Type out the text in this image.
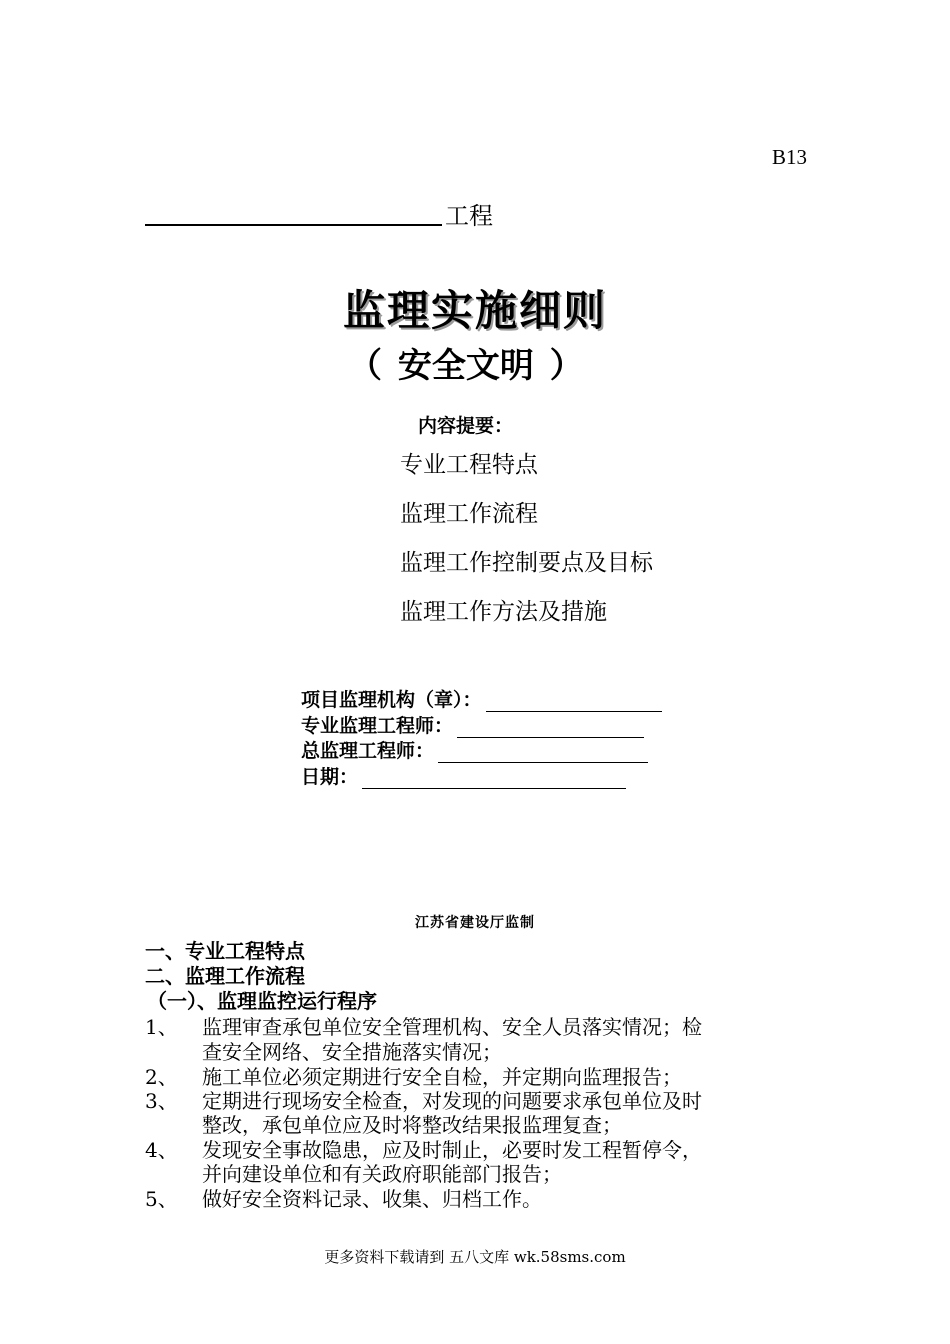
B13
工程
监理实施细则
（ 安全文明 ）
内容提要：
专业工程特点
监理工作流程
监理工作控制要点及目标
监理工作方法及措施
项目监理机构（章）：
专业监理工程师：
总监理工程师：
日期：
江苏省建设厅监制
一、专业工程特点
二、监理工作流程
（一）、监理监控运行程序
1、 监理审查承包单位安全管理机构、安全人员落实情况；检
查安全网络、安全措施落实情况；
2、 施工单位必须定期进行安全自检，并定期向监理报告；
3、 定期进行现场安全检查，对发现的问题要求承包单位及时
整改，承包单位应及时将整改结果报监理复查；
4、 发现安全事故隐患，应及时制止，必要时发工程暂停令，
并向建设单位和有关政府职能部门报告；
5、 做好安全资料记录、收集、归档工作。
更多资料下载请到 五八文库 wk.58sms.com
